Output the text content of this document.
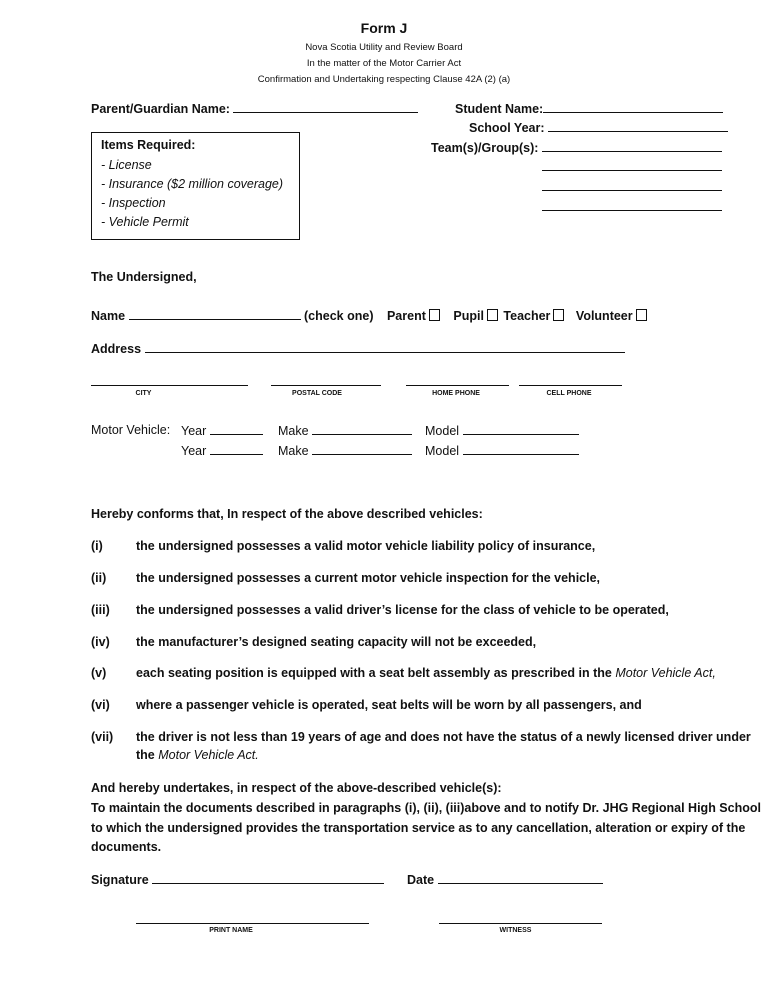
Form J
Nova Scotia Utility and Review Board
In the matter of the Motor Carrier Act
Confirmation and Undertaking respecting Clause 42A (2) (a)
Parent/Guardian Name:	Student Name:
School Year:
Team(s)/Group(s):
Items Required:
- License
- Insurance ($2 million coverage)
- Inspection
- Vehicle Permit
The Undersigned,
Name	(check one) Parent Pupil Teacher Volunteer
Address
CITY	POSTAL CODE	HOME PHONE	CELL PHONE
Motor Vehicle: Year	Make	Model
Year	Make	Model
Hereby conforms that, In respect of the above described vehicles:
(i)	the undersigned possesses a valid motor vehicle liability policy of insurance,
(ii) the undersigned possesses a current motor vehicle inspection for the vehicle,
(iii) the undersigned possesses a valid driver’s license for the class of vehicle to be operated,
(iv) the manufacturer’s designed seating capacity will not be exceeded,
(v) each seating position is equipped with a seat belt assembly as prescribed in the Motor Vehicle Act,
(vi) where a passenger vehicle is operated, seat belts will be worn by all passengers, and
(vii) the driver is not less than 19 years of age and does not have the status of a newly licensed driver under
the Motor Vehicle Act.
And hereby undertakes, in respect of the above-described vehicle(s):
To maintain the documents described in paragraphs (i), (ii), (iii)above and to notify Dr. JHG Regional High School
to which the undersigned provides the transportation service as to any cancellation, alteration or expiry of the
documents.
Signature	Date
PRINT NAME	WITNESS
